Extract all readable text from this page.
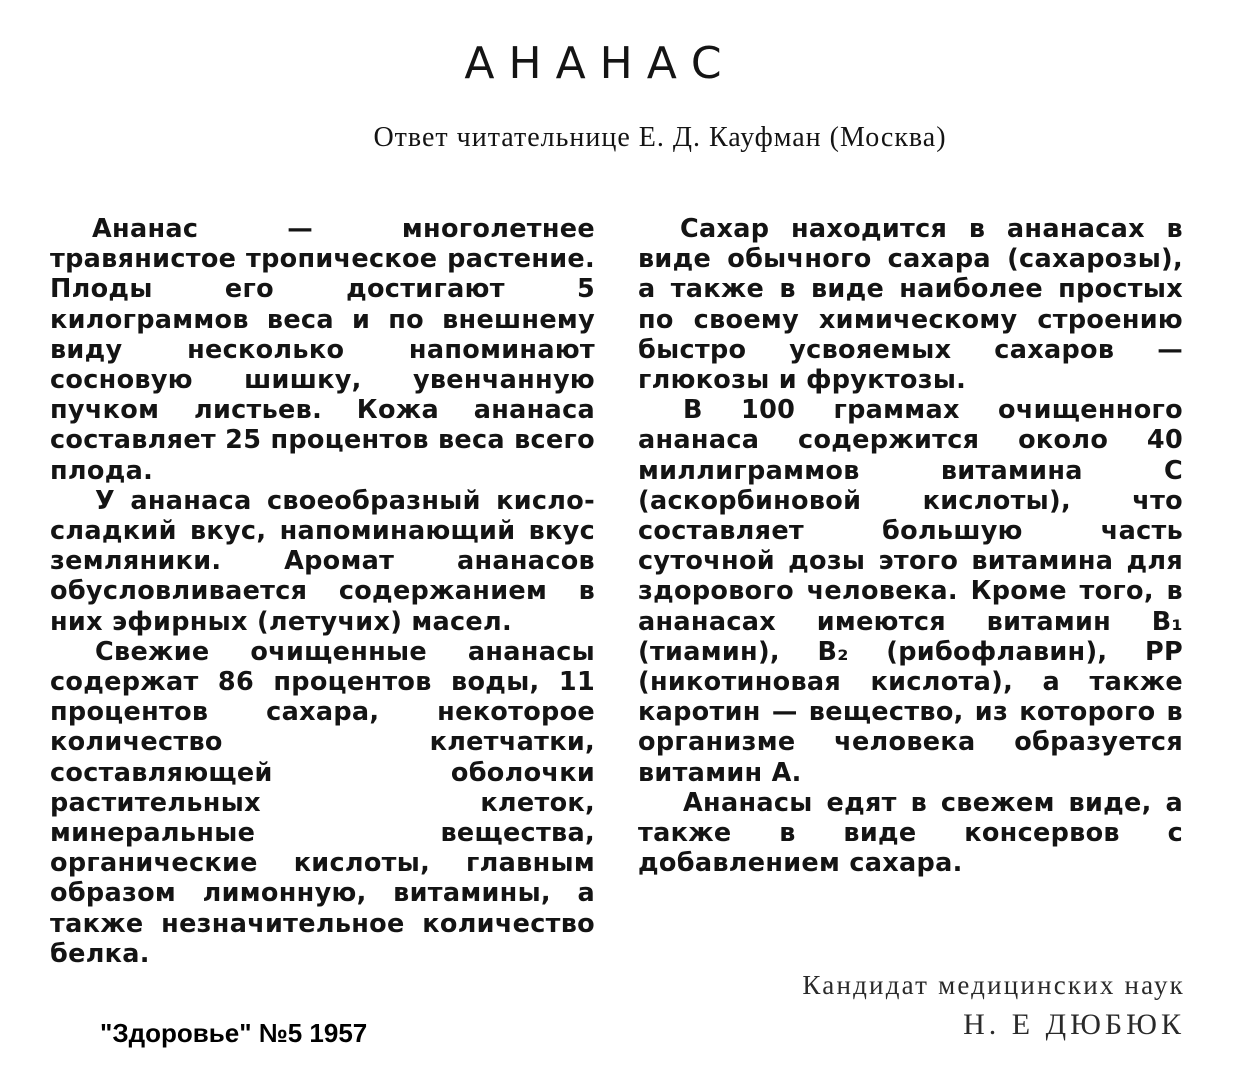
АНАНАС
Ответ читательнице Е. Д. Кауфман (Москва)

Ананас — многолетнее травянистое тропическое растение. Плоды его достигают 5 килограммов веса и по внешнему виду несколько напоминают сосновую шишку, увенчанную пучком листьев. Кожа ананаса составляет 25 процентов веса всего плода.

У ананаса своеобразный кисло-сладкий вкус, напоминающий вкус земляники. Аромат ананасов обусловливается содержанием в них эфирных (летучих) масел.

Свежие очищенные ананасы содержат 86 процентов воды, 11 процентов сахара, некоторое количество клетчатки, составляющей оболочки растительных клеток, минеральные вещества, органические кислоты, главным образом лимонную, витамины, а также незначительное количество белка.

Сахар находится в ананасах в виде обычного сахара (сахарозы), а также в виде наиболее простых по своему химическому строению быстро усвояемых сахаров — глюкозы и фруктозы.

В 100 граммах очищенного ананаса содержится около 40 миллиграммов витамина С (аскорбиновой кислоты), что составляет большую часть суточной дозы этого витамина для здорового человека. Кроме того, в ананасах имеются витамин B₁ (тиамин), B₂ (рибофлавин), PP (никотиновая кислота), а также каротин — вещество, из которого в организме человека образуется витамин А.

Ананасы едят в свежем виде, а также в виде консервов с добавлением сахара.

Кандидат медицинских наук
Н. Е ДЮБЮК
"Здоровье" №5 1957
